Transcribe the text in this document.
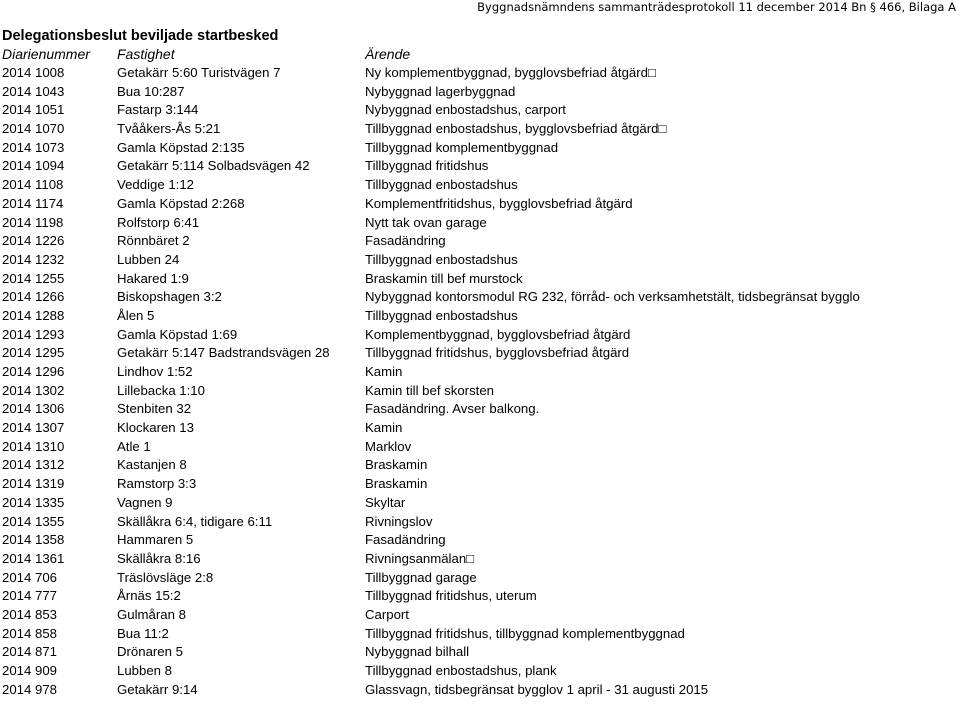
Byggnadsnämndens sammanträdesprotokoll 11 december 2014 Bn § 466, Bilaga A
Delegationsbeslut beviljade startbesked
Diarienummer	Fastighet	Ärende
2014 1008	Getakärr 5:60 Turistvägen 7	Ny komplementbyggnad, bygglovsbefriad åtgärd□
2014 1043	Bua 10:287	Nybyggnad lagerbyggnad
2014 1051	Fastarp 3:144	Nybyggnad enbostadshus, carport
2014 1070	Tvååkers-Ås 5:21	Tillbyggnad enbostadshus, bygglovsbefriad åtgärd□
2014 1073	Gamla Köpstad 2:135	Tillbyggnad komplementbyggnad
2014 1094	Getakärr 5:114 Solbadsvägen 42	Tillbyggnad fritidshus
2014 1108	Veddige 1:12	Tillbyggnad enbostadshus
2014 1174	Gamla Köpstad 2:268	Komplementfritidshus, bygglovsbefriad åtgärd
2014 1198	Rolfstorp 6:41	Nytt tak ovan garage
2014 1226	Rönnbäret 2	Fasadändring
2014 1232	Lubben 24	Tillbyggnad enbostadshus
2014 1255	Hakared 1:9	Braskamin till bef murstock
2014 1266	Biskopshagen 3:2	Nybyggnad kontorsmodul RG 232, förråd- och verksamhetstält, tidsbegränsat bygglo
2014 1288	Ålen 5	Tillbyggnad enbostadshus
2014 1293	Gamla Köpstad 1:69	Komplementbyggnad, bygglovsbefriad åtgärd
2014 1295	Getakärr 5:147 Badstrandsvägen 28	Tillbyggnad fritidshus, bygglovsbefriad åtgärd
2014 1296	Lindhov 1:52	Kamin
2014 1302	Lillebacka 1:10	Kamin till bef skorsten
2014 1306	Stenbiten 32	Fasadändring. Avser balkong.
2014 1307	Klockaren 13	Kamin
2014 1310	Atle 1	Marklov
2014 1312	Kastanjen 8	Braskamin
2014 1319	Ramstorp 3:3	Braskamin
2014 1335	Vagnen 9	Skyltar
2014 1355	Skällåkra 6:4, tidigare 6:11	Rivningslov
2014 1358	Hammaren 5	Fasadändring
2014 1361	Skällåkra 8:16	Rivningsanmälan□
2014 706	Träslövsläge 2:8	Tillbyggnad garage
2014 777	Årnäs 15:2	Tillbyggnad fritidshus, uterum
2014 853	Gulmåran 8	Carport
2014 858	Bua 11:2	Tillbyggnad fritidshus, tillbyggnad komplementbyggnad
2014 871	Drönaren 5	Nybyggnad bilhall
2014 909	Lubben 8	Tillbyggnad enbostadshus, plank
2014 978	Getakärr 9:14	Glassvagn, tidsbegränsat bygglov 1 april - 31 augusti 2015
